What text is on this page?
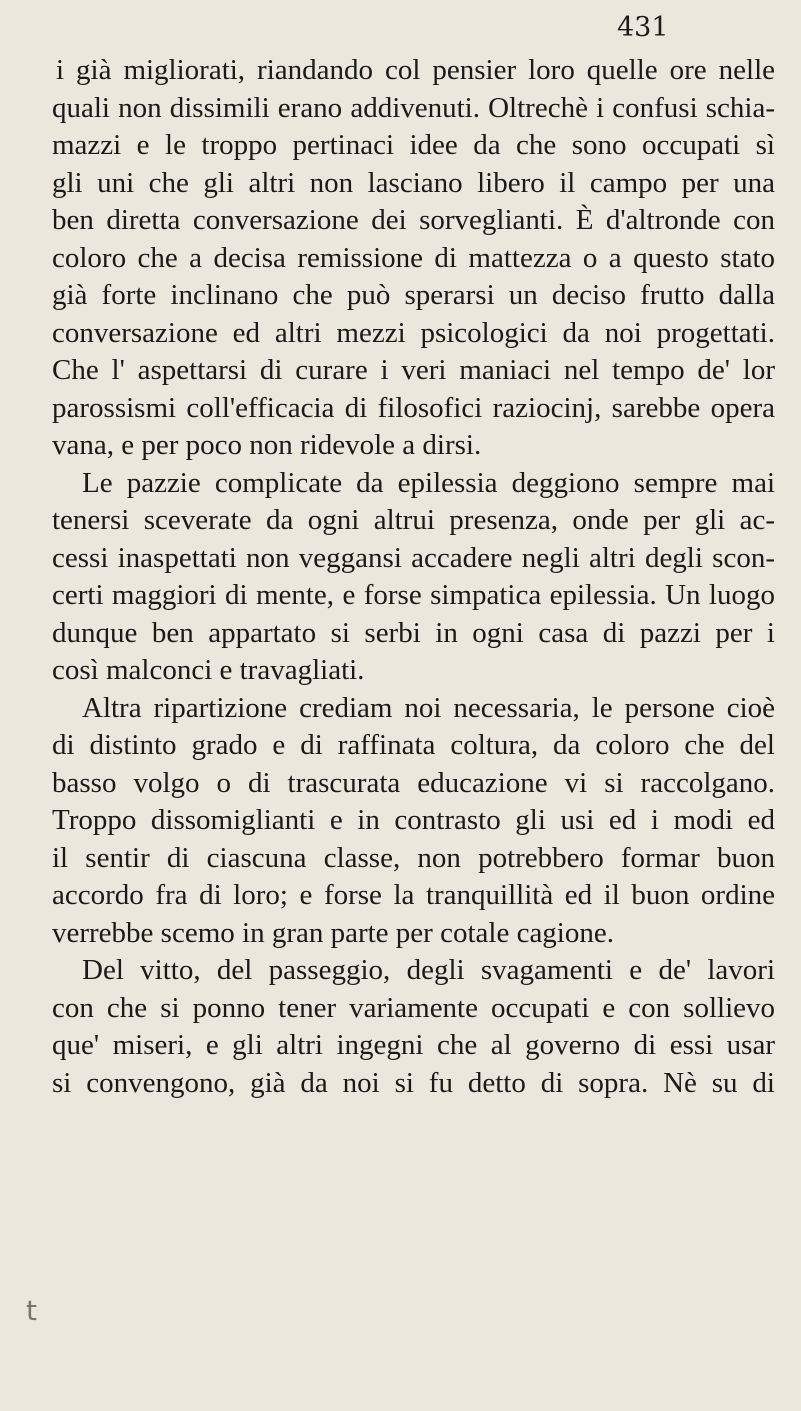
431
i già migliorati, riandando col pensier loro quelle ore nelle
quali non dissimili erano addivenuti. Oltrechè i confusi schia-
mazzi e le troppo pertinaci idee da che sono occupati sì
gli uni che gli altri non lasciano libero il campo per una
ben diretta conversazione dei sorveglianti. È d'altronde con
coloro che a decisa remissione di mattezza o a questo stato
già forte inclinano che può sperarsi un deciso frutto dalla
conversazione ed altri mezzi psicologici da noi progettati.
Che l' aspettarsi di curare i veri maniaci nel tempo de' lor
parossismi coll'efficacia di filosofici raziocinj, sarebbe opera
vana, e per poco non ridevole a dirsi.
Le pazzie complicate da epilessia deggiono sempre mai
tenersi sceverate da ogni altrui presenza, onde per gli ac-
cessi inaspettati non veggansi accadere negli altri degli scon-
certi maggiori di mente, e forse simpatica epilessia. Un luogo
dunque ben appartato si serbi in ogni casa di pazzi per i
così malconci e travagliati.
Altra ripartizione crediam noi necessaria, le persone cioè
di distinto grado e di raffinata coltura, da coloro che del
basso volgo o di trascurata educazione vi si raccolgano.
Troppo dissomiglianti e in contrasto gli usi ed i modi ed
il sentir di ciascuna classe, non potrebbero formar buon
accordo fra di loro; e forse la tranquillità ed il buon ordine
verrebbe scemo in gran parte per cotale cagione.
Del vitto, del passeggio, degli svagamenti e de' lavori
con che si ponno tener variamente occupati e con sollievo
que' miseri, e gli altri ingegni che al governo di essi usar
si convengono, già da noi si fu detto di sopra. Nè su di
t
